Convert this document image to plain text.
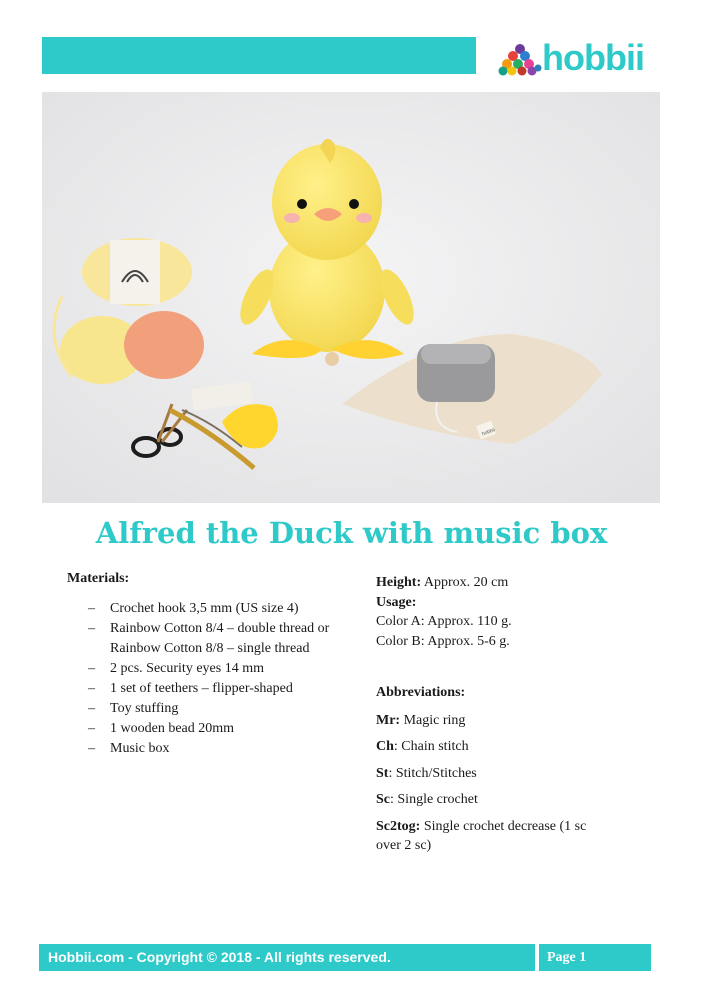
hobbii
hobbii
Alfred the Duck with music box
Materials:
– Crochet hook 3,5 mm (US size 4)
– Rainbow Cotton 8/4 – double thread or Rainbow Cotton 8/8 – single thread
– 2 pcs. Security eyes 14 mm
– 1 set of teethers – flipper-shaped
– Toy stuffing
– 1 wooden bead 20mm
– Music box

Height: Approx. 20 cm

Usage:

Color A: Approx. 110 g.

Color B: Approx. 5-6 g.

Abbreviations:

Mr: Magic ring

Ch: Chain stitch

St: Stitch/Stitches

Sc: Single crochet

Sc2tog: Single crochet decrease (1 sc over 2 sc)

Hobbii.com - Copyright © 2018 - All rights reserved.	Page 1
